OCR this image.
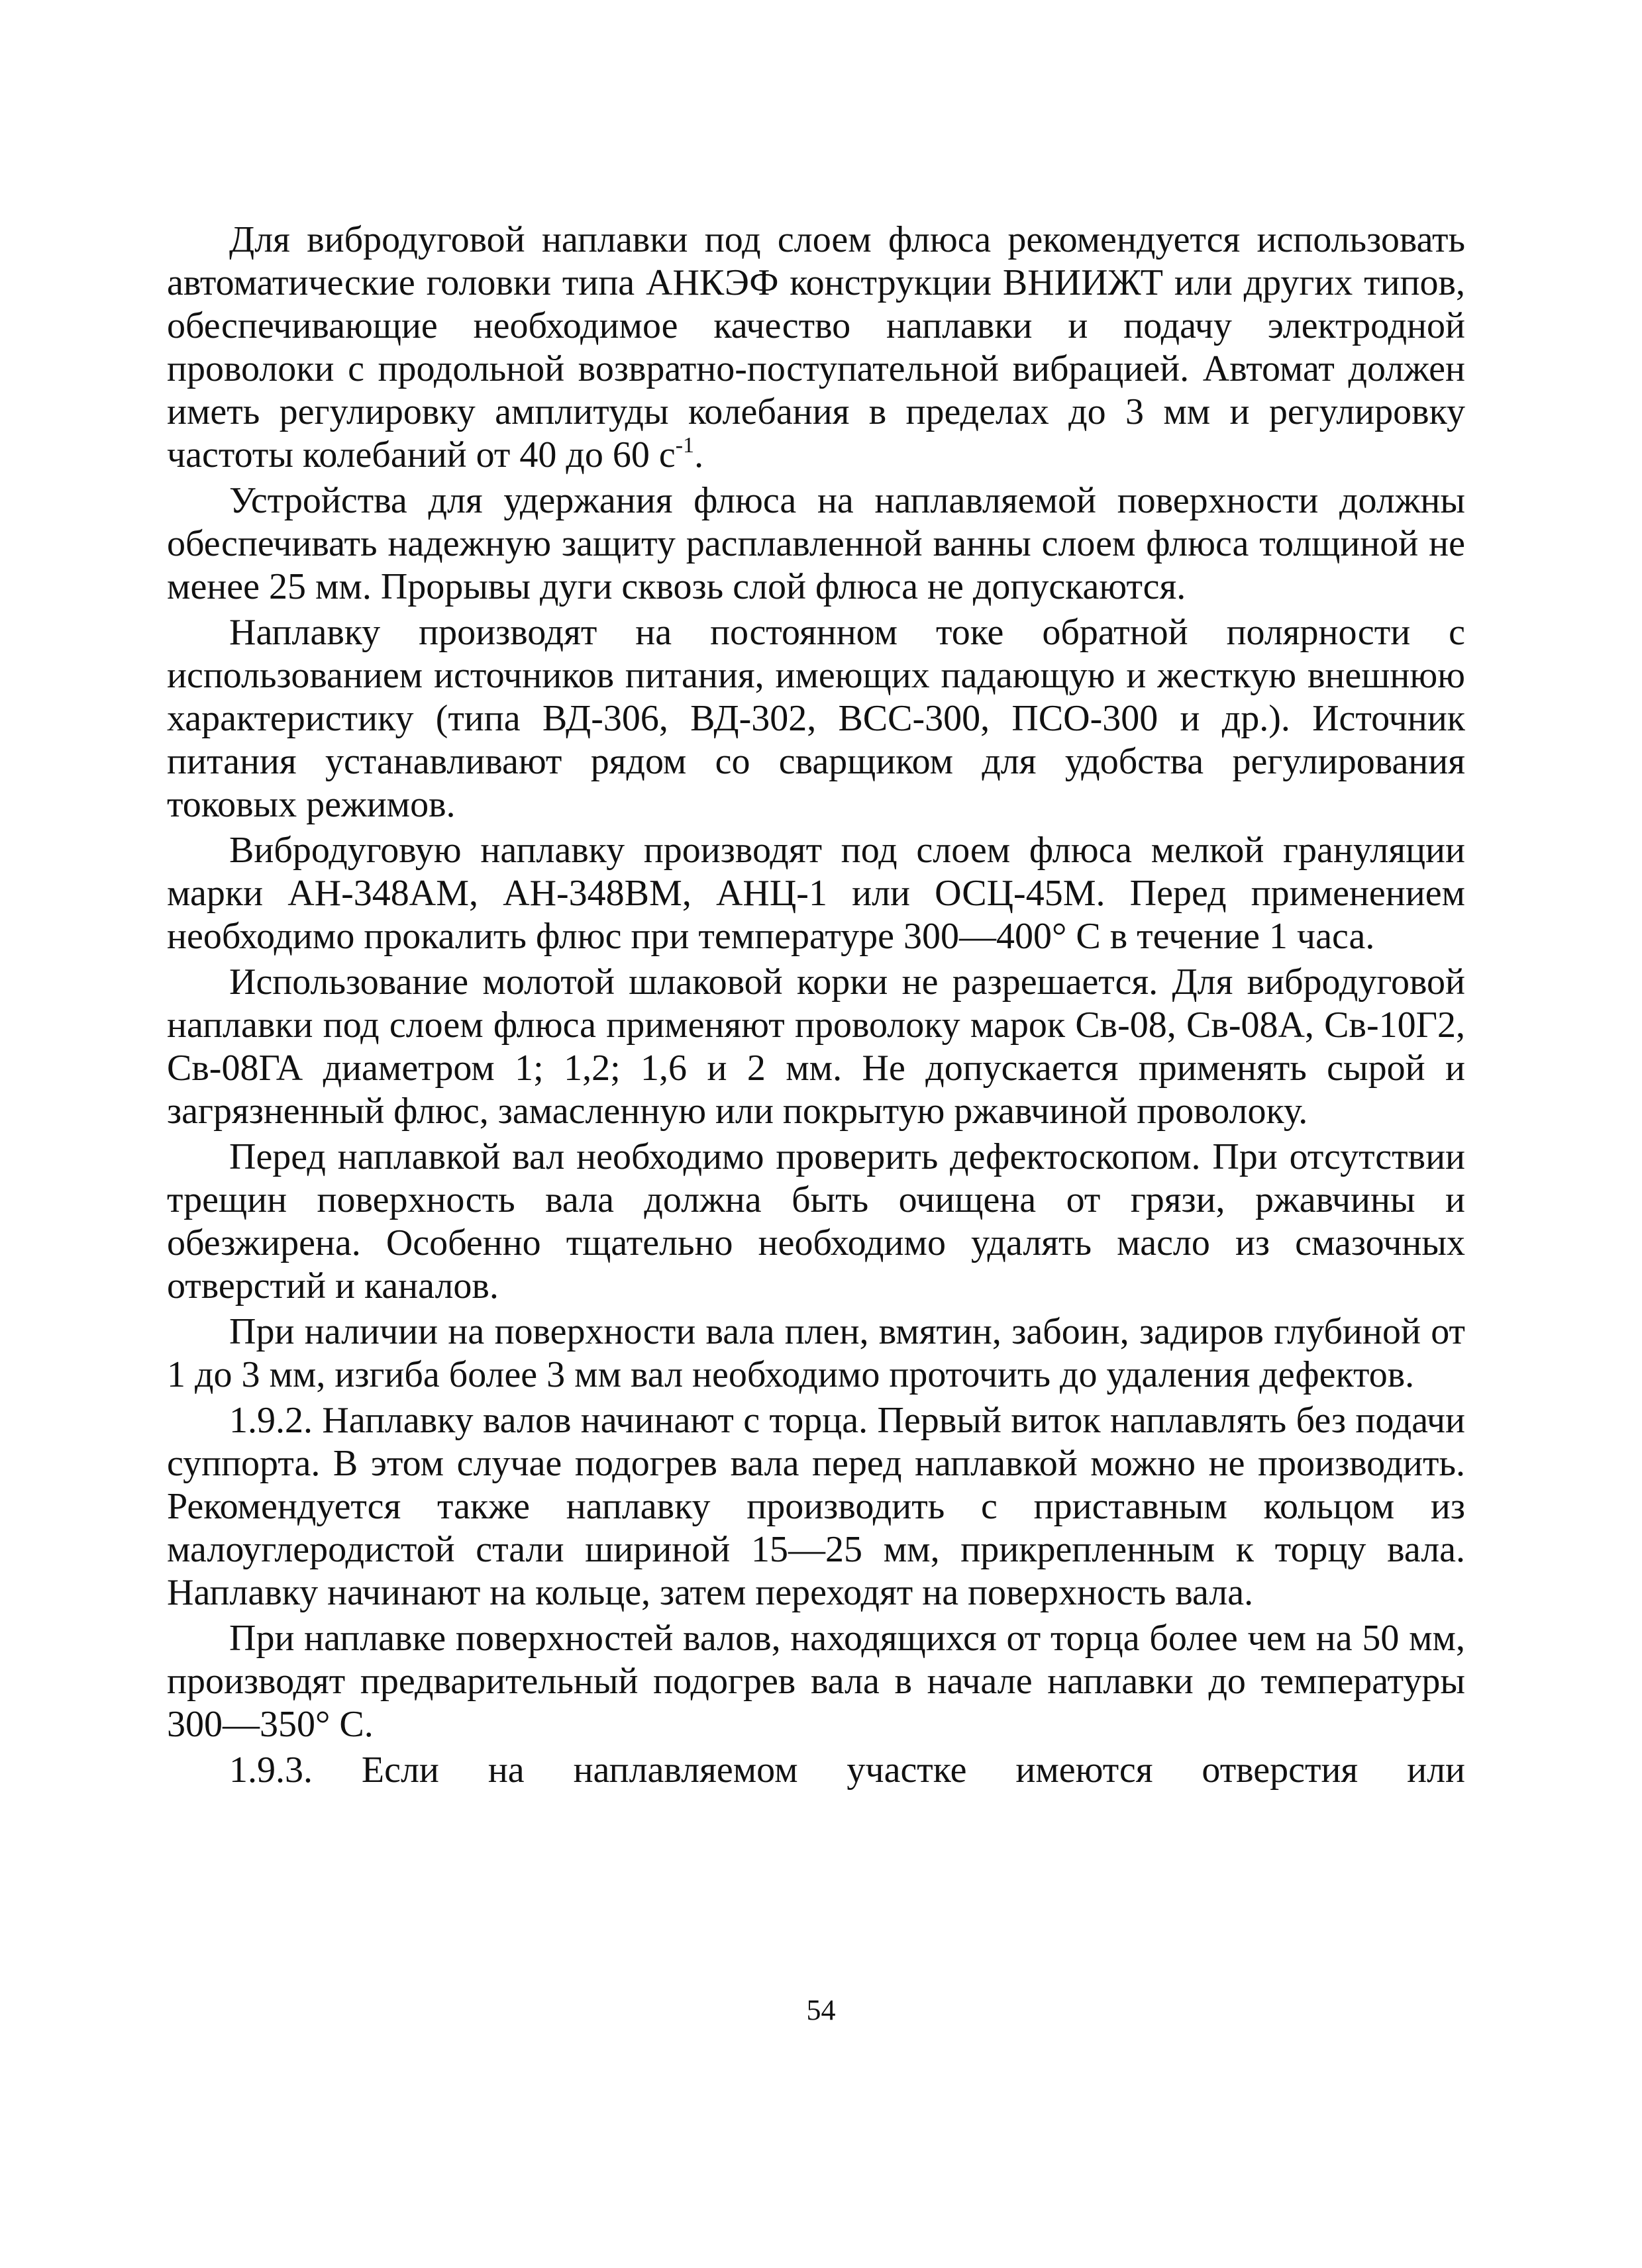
Для вибродуговой наплавки под слоем флюса рекомендуется использовать автоматические головки типа АНКЭФ конструкции ВНИИЖТ или других типов, обеспечивающие необходимое качество наплавки и подачу электродной проволоки с продольной возвратно-поступательной вибрацией. Автомат должен иметь регулировку амплитуды колебания в пределах до 3 мм и регулировку частоты колебаний от 40 до 60 $с^{-1}$.

Устройства для удержания флюса на наплавляемой поверхности должны обеспечивать надежную защиту расплавленной ванны слоем флюса толщиной не менее 25 мм. Прорывы дуги сквозь слой флюса не допускаются.

Наплавку производят на постоянном токе обратной полярности с использованием источников питания, имеющих падающую и жесткую внешнюю характеристику (типа ВД-306, ВД-302, ВСС-300, ПСО-300 и др.). Источник питания устанавливают рядом со сварщиком для удобства регулирования токовых режимов.

Вибродуговую наплавку производят под слоем флюса мелкой грануляции марки АН-348АМ, АН-348ВМ, АНЦ-1 или ОСЦ-45М. Перед применением необходимо прокалить флюс при температуре 300—400° С в течение 1 часа.

Использование молотой шлаковой корки не разрешается. Для вибродуговой наплавки под слоем флюса применяют проволоку марок Св-08, Св-08А, Св-10Г2, Св-08ГА диаметром 1; 1,2; 1,6 и 2 мм. Не допускается применять сырой и загрязненный флюс, замасленную или покрытую ржавчиной проволоку.

Перед наплавкой вал необходимо проверить дефектоскопом. При отсутствии трещин поверхность вала должна быть очищена от грязи, ржавчины и обезжирена. Особенно тщательно необходимо удалять масло из смазочных отверстий и каналов.

При наличии на поверхности вала плен, вмятин, забоин, задиров глубиной от 1 до 3 мм, изгиба более 3 мм вал необходимо проточить до удаления дефектов.

1.9.2. Наплавку валов начинают с торца. Первый виток наплавлять без подачи суппорта. В этом случае подогрев вала перед наплавкой можно не производить. Рекомендуется также наплавку производить с приставным кольцом из малоуглеродистой стали шириной 15—25 мм, прикрепленным к торцу вала. Наплавку начинают на кольце, затем переходят на поверхность вала.

При наплавке поверхностей валов, находящихся от торца более чем на 50 мм, производят предварительный подогрев вала в начале наплавки до температуры 300—350° С.

1.9.3. Если на наплавляемом участке имеются отверстия или

54
